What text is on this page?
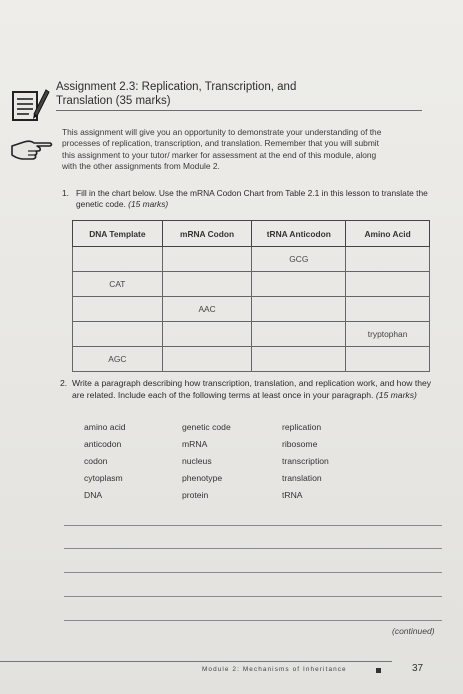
Assignment 2.3: Replication, Transcription, and
Translation (35 marks)
This assignment will give you an opportunity to demonstrate your understanding of the processes of replication, transcription, and translation. Remember that you will submit this assignment to your tutor/ marker for assessment at the end of this module, along with the other assignments from Module 2.
1. Fill in the chart below. Use the mRNA Codon Chart from Table 2.1 in this lesson to translate the genetic code. (15 marks)
DNA Template	mRNA Codon	tRNA Anticodon	Amino Acid
		GCG	
CAT			
	AAC		
			tryptophan
AGC			
2. Write a paragraph describing how transcription, translation, and replication work, and how they are related. Include each of the following terms at least once in your paragraph. (15 marks)
amino acid	genetic code	replication
anticodon	mRNA	ribosome
codon	nucleus	transcription
cytoplasm	phenotype	translation
DNA	protein	tRNA
(continued)
Module 2: Mechanisms of Inheritance	37
